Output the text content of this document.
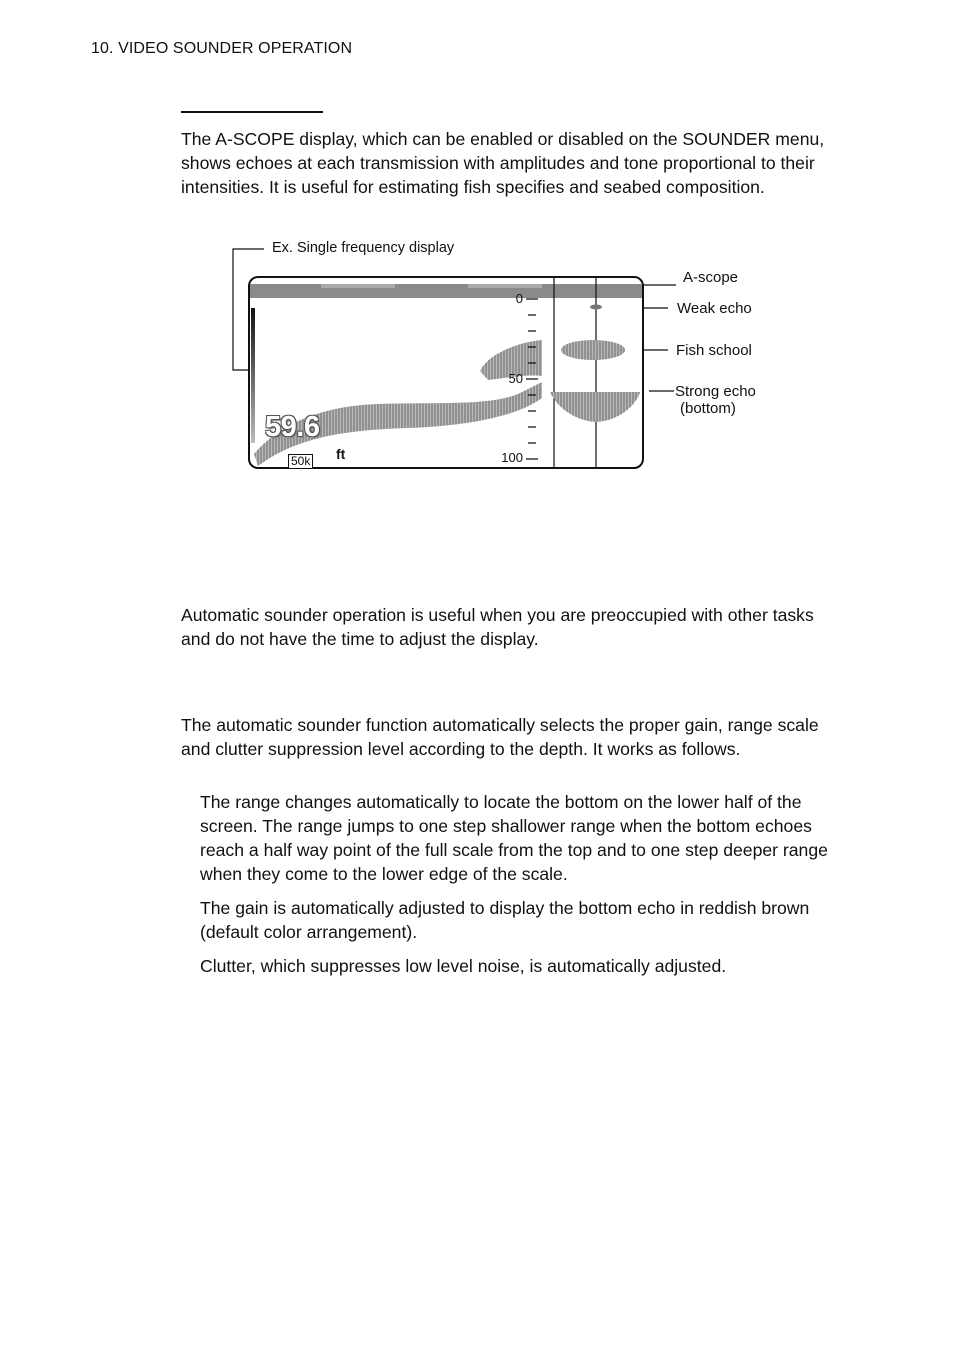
10. VIDEO SOUNDER OPERATION
The A-SCOPE display, which can be enabled or disabled on the SOUNDER menu, shows echoes at each transmission with amplitudes and tone proportional to their intensities. It is useful for estimating fish specifies and seabed composition.
Ex. Single frequency display
59.6
50k ft
0
50
100
A-scope
Weak echo
Fish school
Strong echo
(bottom)
Automatic sounder operation is useful when you are preoccupied with other tasks and do not have the time to adjust the display.
The automatic sounder function automatically selects the proper gain, range scale and clutter suppression level according to the depth. It works as follows.
The range changes automatically to locate the bottom on the lower half of the screen. The range jumps to one step shallower range when the bottom echoes reach a half way point of the full scale from the top and to one step deeper range when they come to the lower edge of the scale.
The gain is automatically adjusted to display the bottom echo in reddish brown (default color arrangement).
Clutter, which suppresses low level noise, is automatically adjusted.
